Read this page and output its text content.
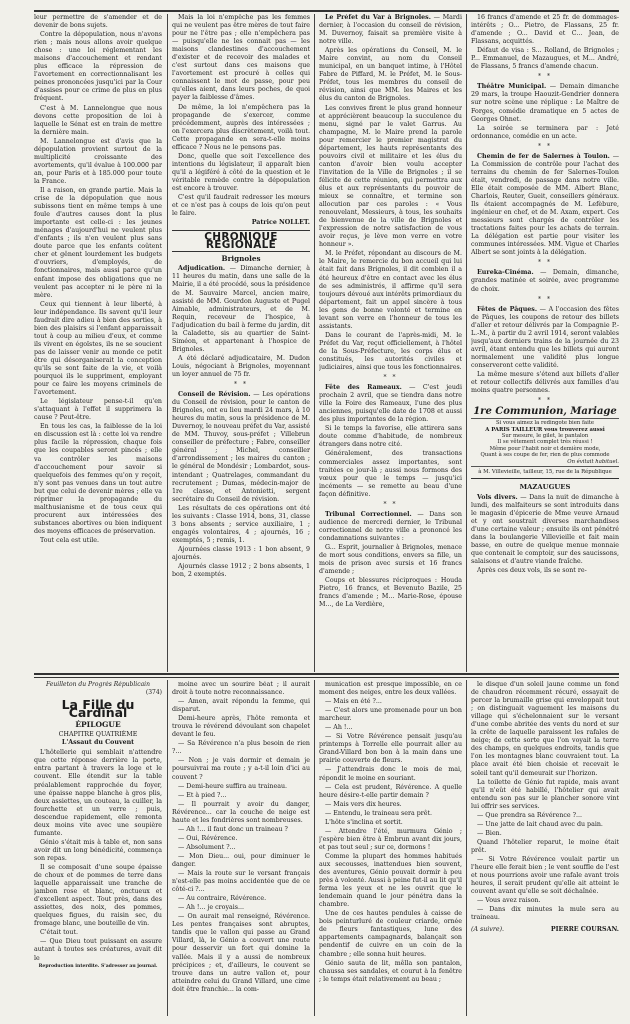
leur permettre de s'amender et de devenir de bons sujets.

Contre la dépopulation, nous n'avons rien ; mais nous allons avoir quelque chose : une loi réglementant les maisons d'accouchement et rendant plus efficace la répression de l'avortement en correctionnalisant les peines prononcées jusqu'ici par la Cour d'assises pour ce crime de plus en plus fréquent.

C'est à M. Lannelongue que nous devons cette proposition de loi à laquelle le Sénat est en train de mettre la dernière main.

M. Lannelongue est d'avis que la dépopulation provient surtout de la multiplicité croissante des avortements, qu'il évalue à 100.000 par an, pour Paris et à 185.000 pour toute la France.

Il a raison, en grande partie. Mais la crise de la dépopulation que nous subissons tient en même temps à une foule d'autres causes dont la plus importante est celle-ci : les jeunes ménages d'aujourd'hui ne veulent plus d'enfants ; ils n'en veulent plus sans doute parce que les enfants coûtent cher et gênent lourdement les budgets d'ouvriers, d'employés, de fonctionnaires, mais aussi parce qu'un enfant impose des obligations que ne veulent pas accepter ni le père ni la mère.

Ceux qui tiennent à leur liberté, à leur indépendance. Ils savent qu'il leur faudrait dire adieu à bien des sorties, à bien des plaisirs si l'enfant apparaissait tout à coup au milieu d'eux, et comme ils vivent en égoïstes, ils ne se soucient pas de laisser venir au monde ce petit être qui désorganiserait la conception qu'ils se sont faite de la vie, et voilà pourquoi ils le suppriment, employant pour ce faire les moyens criminels de l'avortement.

Le législateur pense-t-il qu'en s'attaquant à l'effet il supprimera la cause ? Peut-être.

En tous les cas, la faiblesse de la loi en discussion est là : cette loi va rendre plus facile la répression, chaque fois que les coupables seront pincés ; elle va contrôler les maisons d'accouchement pour savoir si quelquefois des femmes qu'on y reçoit, n'y sont pas venues dans un tout autre but que celui de devenir mères ; elle va réprimer la propagande du malthusianisme et de tous ceux qui procurent aux intéressées des substances abortives ou bien indiquent des moyens efficaces de préservation.

Tout cela est utile.

Mais la loi n'empêche pas les femmes qui ne veulent pas être mères de tout faire pour ne l'être pas ; elle n'empêchera pas — puisqu'elle ne les connait pas — les maisons clandestines d'accouchement d'exister et de recevoir des malades et c'est surtout dans ces maisons que l'avortement est procuré à celles qui connaissent le mot de passe, pour peu qu'elles aient, dans leurs poches, de quoi payer la faiblesse d'âmes.

De même, la loi n'empêchera pas la propagande de s'exercer, comme précédemment, auprès des intéressées ; on l'exercera plus discrètement, voilà tout. Cette propagande en sera-t-elle moins efficace ? Nous ne le pensons pas.

Donc, quelle que soit l'excellence des intentions du législateur, il apparaît bien qu'il a légiféré à côté de la question et le véritable remède contre la dépopulation est encore à trouver.

C'est qu'il faudrait redresser les mœurs et ce n'est pas à coups de lois qu'on peut le faire.

Patrice NOLLET.
CHRONIQUE RÉGIONALE
Brignoles

Adjudication. — Dimanche dernier, à 11 heures du matin, dans une salle de la Mairie, il a été procédé, sous la présidence de M. Sauvaire Marcel, ancien maire, assisté de MM. Gourdon Auguste et Pugel Aimable, administrateurs, et de M. Requin, receveur de l'hospice, à l'adjudication du bail à ferme du jardin, dit la Caladette, sis au quartier de Saint-Siméon, et appartenant à l'hospice de Brignoles.

A été déclaré adjudicataire, M. Dudon Louis, négociant à Brignoles, moyennant un loyer annuel de 75 fr.

* *

Conseil de Révision. — Les opérations du Conseil de révision, pour le canton de Brignoles, ont eu lieu mardi 24 mars, à 10 heures du matin, sous la présidence de M. Duvernoy, le nouveau préfet du Var, assisté de MM. Thuvoy, sous-préfet ; Villebrun conseiller de préfecture ; Fabre, conseiller général ; Michel, conseiller d'arrondissement ; les maires du canton ; le général de Mondésir ; Lombardot, sous-intendant ; Quatrelages, commandant du recrutement ; Dumas, médecin-major de 1re classe, et Antonietti, sergent secrétaire du Conseil de révision.

Les résultats de ces opérations ont été les suivants : Classe 1914, bons, 31, classe 3 bons absents ; service auxiliaire, 1 ; engagés volontaires, 4 ; ajournés, 16 ; exemptés, 5 ; remis, 1.

Ajournées classe 1913 : 1 bon absent, 9 ajournés.

Ajournés classe 1912 ; 2 bons absents, 1 bon, 2 exemptés.

Le Préfet du Var à Brignoles. — Mardi dernier, à l'occasion du conseil de révision, M. Duvernoy, faisait sa première visite à notre ville.

Après les opérations du Conseil, M. le Maire convint, au nom du Conseil municipal, en un banquet intime, à l'Hôtel Fabre de Piffard, M. le Préfet, M. le Sous-Préfet, tous les membres du conseil de révision, ainsi que MM. les Maires et les élus du canton de Brignoles.

Les convives firent le plus grand honneur et apprécièrent beaucoup la succulence du menu, signé par le valet Garrus. Au champagne, M. le Maire prend la parole pour remercier le premier magistrat du département, les hauts représentants des pouvoirs civil et militaire et les élus du canton d'avoir bien voulu accepter l'invitation de la Ville de Brignoles ; il se félicite de cette réunion, qui permettra aux élus et aux représentants du pouvoir de mieux se connaître, et termine son allocution par ces paroles : « Vous renouvelant, Messieurs, à tous, les souhaits de bienvenue de la ville de Brignoles et l'expression de notre satisfaction de vous avoir reçus, je lève mon verre en votre honneur ».

M. le Préfet, répondant au discours de M. le Maire, le remercie du bon accueil qui lui était fait dans Brignoles, il dit combien il a été heureux d'être en contact avec les élus de ses administrés, il affirme qu'il sera toujours dévoué aux intérêts primordiaux du département, fait un appel sincère à tous les gens de bonne volonté et termine en levant son verre en l'honneur de tous les assistants.

Dans le courant de l'après-midi, M. le Préfet du Var, reçut officiellement, à l'hôtel de la Sous-Préfecture, les corps élus et constitués, les autorités civiles et judiciaires, ainsi que tous les fonctionnaires.

* *

Fête des Rameaux. — C'est jeudi prochain 2 avril, que se tiendra dans notre ville la Foire des Rameaux, l'une des plus anciennes, puisqu'elle date de 1708 et aussi des plus importantes de la région.

Si le temps la favorise, elle attirera sans doute comme d'habitude, de nombreux étrangers dans notre cité.

Généralement, des transactions commerciales assez importantes, sont traitées ce jour-là ; aussi nous formons des vœux pour que le temps — jusqu'ici incéments — se remette au beau d'une façon définitive.

* *

Tribunal Correctionnel. — Dans son audience de mercredi dernier, le Tribunal correctionnel de notre ville a prononcé les condamnations suivantes :

G... Esprit, journalier à Brignoles, menace de mort sous conditions, envers sa fille, un mois de prison avec sursis et 16 francs d'amende ;

Coups et blessures réciproques : Houda Pietro, 16 francs, et Bevenuto Bazile, 25 francs d'amende ; M... Marie-Rose, épouse M..., de La Verdière,

16 francs d'amende et 25 fr. de dommages-intérêts ; O... Pietro, de Flassans, 25 fr. d'amende ; O... David et C... Jean, de Flassans, acquittés.

Défaut de visa : S... Rolland, de Brignoles ; P... Emmanuel, de Mazaugues, et M... André, de Flassans, 5 francs d'amende chacun.

* *

Théâtre Municipal. — Demain dimanche 29 mars, la troupe Haouzit-Gendrier donnera sur notre scène une réplique : Le Maître de Forges, comédie dramatique en 5 actes de Georges Ohnet.

La soirée se terminera par : Jeté ordonnance, comédie en un acte.

* *

Chemin de fer de Salernes à Toulon. — La Commission de contrôle pour l'achat des terrains du chemin de fer Salernes-Toulon était, vendredi, de passage dans notre ville. Elle était composée de MM. Albert Blanc, Charlois, Reuter, Gueit, conseillers généraux. Ils étaient accompagnés de M. Lefèbure, ingénieur en chef, et de M. Axam, expert. Ces messieurs sont chargés de contrôler les tractations faites pour les achats de terrain. La délégation est partie pour visiter les communes intéressées. MM. Vigue et Charles Albert se sont joints à la délégation.

* *

Eureka-Cinéma. — Demain, dimanche, grandes matinée et soirée, avec programme de choix.

* *

Fêtes de Pâques. — A l'occasion des fêtes de Pâques, les coupons de retour des billets d'aller et retour délivrés par la Compagnie P.-L.-M., à partir du 2 avril 1914, seront valables jusqu'aux derniers trains de la journée du 23 avril, étant entendu que les billets qui auront normalement une validité plus longue conserveront cette validité.

La même mesure s'étend aux billets d'aller et retour collectifs délivrés aux familles d'au moins quatre personnes.

* *
1re Communion, Mariage
Si vous aimez la redingote bien faite
A PARIS TAILLEUR vous trouverez aussi
Sur mesure, le gilet, le pantalon
Il se vêtement complet très réussi !
Même pour l'habit noir et demière mode,
Quant à ses coupe de fer, rien de plus commode
On évitait habituel.
à M. Villevieille, tailleur, 15, rue de la République
MAZAUGUES

Vols divers. — Dans la nuit de dimanche à lundi, des malfaiteurs se sont introduits dans le magasin d'épicerie de Mme veuve Arnaud et y ont soustrait diverses marchandises d'une certaine valeur ; ensuite ils ont pénétré dans la boulangerie Villevieille et fait main basse, en outre de quelque menue monnaie que contenait le comptoir, sur des saucissons, salaisons et d'autre viande fraîche.

Après ces deux vols, ils se sont re-

Feuilleton du Progrès Républicain
(374)
La Fille du Cardinal
ÉPILOGUE
CHAPITRE QUATRIÈME
L'Assaut du Couvent

L'hôtellerie qui semblait n'attendre que cette réponse derrière la porte, entra partant à travers la loge et le couvent. Elle étendit sur la table préalablement rapprochée du foyer, une épaisse nappe blanche à gros plis, deux assiettes, un couteau, la cuiller, la fourchette et un verre ; puis, descendue rapidement, elle remonta deux moins vite avec une soupière fumante.

Génio s'était mis à table et, non sans avoir dit un long bénédicité, commença son repas.

Il se composait d'une soupe épaisse de choux et de pommes de terre dans laquelle apparaissait une tranche de jambon rose et blanc, onctueux et d'excellent aspect. Tout près, dans des assiettes, des noix, des pommes, quelques figues, du raisin sec, du fromage blanc, une bouteille de vin.

C'était tout.

— Que Dieu tout puissant en assure autant à toutes ses créatures, avait dit le

Reproduction interdite. S'adresser au journal.

moine avec un sourire béat ; il aurait droit à toute notre reconnaissance.

— Amen, avait répondu la femme, qui disparut.

Demi-heure après, l'hôte remonta et trouva le révérend dévoulant son chapelet devant le feu.

— Sa Révérence n'a plus besoin de rien ?...

— Non ; je vais dormir et demain je poursuivrai ma route ; y a-t-il loin d'ici au couvent ?

— Demi-heure suffira au traineau.

— Et à pied ?...

— Il pourrait y avoir du danger, Révérence... car la couche de neige est haute et les fondrières sont nombreuses.

— Ah !... il faut donc un traineau ?

— Oui, Révérence.

— Absolument ?...

— Mon Dieu... oui, pour diminuer le danger.

— Mais la route sur le versant français n'est-elle pas moins accidentée que de ce côté-ci ?...

— Au contraire, Révérence.

— Ah !... je croyais...

— On aurait mal renseigné, Révérence. Les pentes françaises sont abruptes, tandis que le vallon qui passe au Grand Villard, là, le Génio a couvert une route pour desservir un fort qui domine la vallée. Mais il y a aussi de nombreux précipices ; et, d'ailleurs, le couvent se trouve dans un autre vallon et, pour atteindre celui du Grand Villard, une cime doit être franchie... la com-

munication est presque impossible, en ce moment des neiges, entre les deux vallées.

— Mais en été ?...

— C'est alors une promenade pour un bon marcheur.

— Ah !...

— Si Votre Révérence pensait jusqu'au printemps à Torrelle elle pourrait aller au Grand-Villard bon bon à la main dans une prairie couverte de fleurs.

— J'attendrais donc le mois de mai, répondit le moine en souriant.

— Cela est prudent, Révérence. A quelle heure désire-t-elle partir demain ?

— Mais vers dix heures.

— Entendu, le traineau sera prêt.

L'hôte s'inclina et sortit.

— Attendre l'été, murmura Génio ; j'espère bien être à Embrun avant dix jours, et pas tout seul ; sur ce, dormons !

Comme la plupart des hommes habitués aux secousses, inattendues bien souvent, des aventures, Génio pouvait dormir à peu près à volonté. Aussi à peine fut-il au lit qu'il ferma les yeux et ne les ouvrit que le lendemain quand le jour pénétra dans la chambre.

Une de ces hautes pendules à caisse de bois peinturluré de couleur criarde, ornée de fleurs fantastiques, lune des appartements campagnards, balançait son pendentif de cuivre en un coin de la chambre ; elle sonna huit heures.

Génio sauta de lit, mêlla son pantalon, chaussa ses sandales, et courut à la fenêtre ; le temps était relativement au beau ;

le disque d'un soleil jaune comme un fond de chaudron récemment récuré, essayait de percer la brumaille grise qui enveloppait tout ; on distinguait vaguement les maisons du village qui s'échelonnaient sur le versant d'une combe abritée des vents du nord et sur la crête de laquelle paraissent les rafales de neige; de cette sorte que l'on voyait la terre des champs, en quelques endroits, tandis que l'on les montagnes blanc couvraient tout. La place avait été bien choisie et recevait le soleil tant qu'il demeurait sur l'horizon.

La toilette de Génio fut rapide, mais avant qu'il n'eût été habillé, l'hôtelier qui avait entendu son pas sur le plancher sonore vint lui offrir ses services.

— Que prendra sa Révérence ?...

— Une jatte de lait chaud avec du pain.

— Bien.

Quand l'hôtelier reparut, le moine était prêt.

— Si Votre Révérence voulait partir un l'heure elle ferait bien ; le vent souffle de l'est et nous pourrions avoir une rafale avant trois heures, il serait prudent qu'elle ait atteint le couvent avant qu'elle se soit déchaînée.

— Vous avez raison.

— Dans dix minutes la mule sera au traineau.

(A suivre).	PIERRE COURSAN.
